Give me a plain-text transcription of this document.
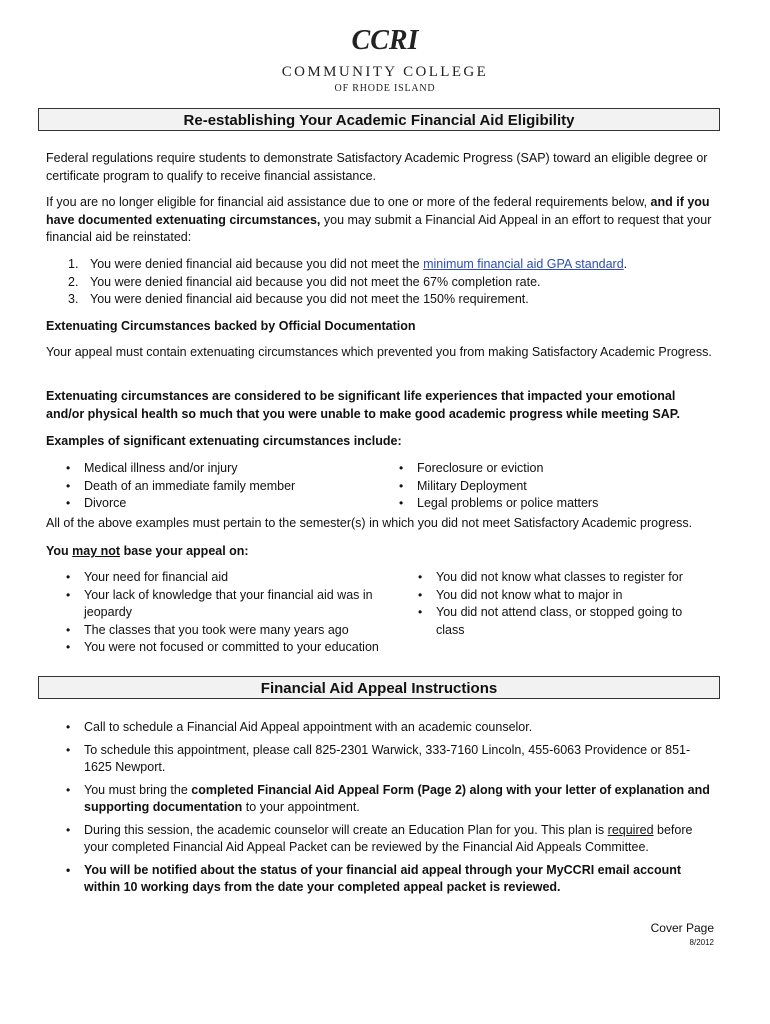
CCRI
COMMUNITY COLLEGE
OF RHODE ISLAND
Re-establishing Your Academic Financial Aid Eligibility

Federal regulations require students to demonstrate Satisfactory Academic Progress (SAP) toward an eligible degree or certificate program to qualify to receive financial assistance.

If you are no longer eligible for financial aid assistance due to one or more of the federal requirements below, and if you have documented extenuating circumstances, you may submit a Financial Aid Appeal in an effort to request that your financial aid be reinstated:

1. You were denied financial aid because you did not meet the minimum financial aid GPA standard.
2. You were denied financial aid because you did not meet the 67% completion rate.
3. You were denied financial aid because you did not meet the 150% requirement.

Extenuating Circumstances backed by Official Documentation

Your appeal must contain extenuating circumstances which prevented you from making Satisfactory Academic Progress.

Extenuating circumstances are considered to be significant life experiences that impacted your emotional and/or physical health so much that you were unable to make good academic progress while meeting SAP.

Examples of significant extenuating circumstances include:

• Medical illness and/or injury
• Death of an immediate family member
• Divorce
• Foreclosure or eviction
• Military Deployment
• Legal problems or police matters

All of the above examples must pertain to the semester(s) in which you did not meet Satisfactory Academic progress.

You may not base your appeal on:

• Your need for financial aid
• Your lack of knowledge that your financial aid was in jeopardy
• The classes that you took were many years ago
• You were not focused or committed to your education
• You did not know what classes to register for
• You did not know what to major in
• You did not attend class, or stopped going to class
Financial Aid Appeal Instructions
• Call to schedule a Financial Aid Appeal appointment with an academic counselor.
• To schedule this appointment, please call 825-2301 Warwick, 333-7160 Lincoln, 455-6063 Providence or 851-1625 Newport.
• You must bring the completed Financial Aid Appeal Form (Page 2) along with your letter of explanation and supporting documentation to your appointment.
• During this session, the academic counselor will create an Education Plan for you. This plan is required before your completed Financial Aid Appeal Packet can be reviewed by the Financial Aid Appeals Committee.
• You will be notified about the status of your financial aid appeal through your MyCCRI email account within 10 working days from the date your completed appeal packet is reviewed.
Cover Page
8/2012
